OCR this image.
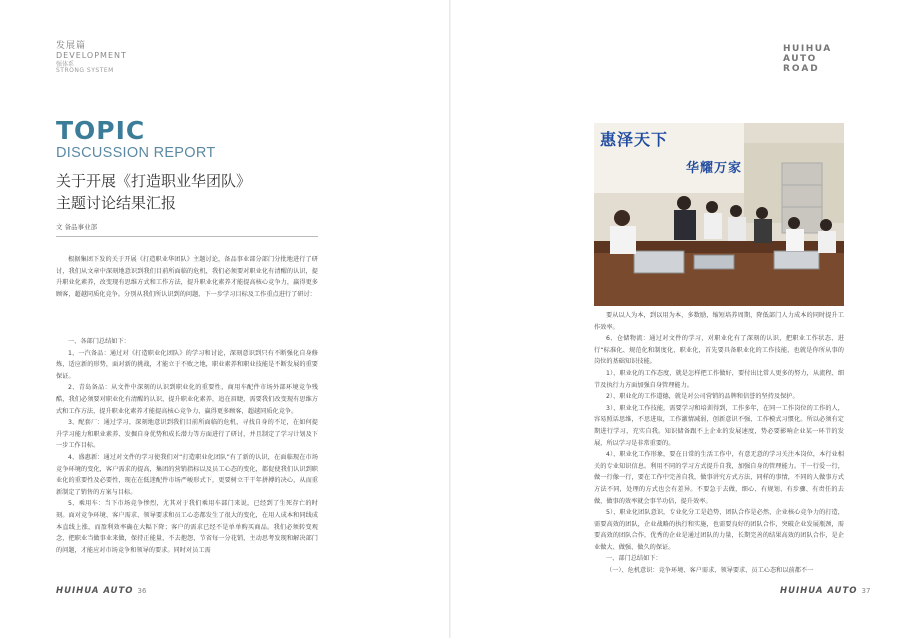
发展篇
DEVELOPMENT
强体系
STRONG SYSTEM
TOPIC
DISCUSSION REPORT
关于开展《打造职业华团队》
主题讨论结果汇报
文 备品事业部

根据集团下发的关于开展《打造职业华团队》主题讨论，备品事业部分部门分批地进行了研讨，我们从文章中深刻地意识到我们目前所面临的危机，我们必须要对职业化有清醒的认识，提升职业化素养，改变现有思维方式和工作方法，提升职业化素养才能提高核心竞争力，赢得更多顾客，超越同质化竞争。分别从我们所认识到的问题、下一步学习目标及工作重点进行了研讨：

一、各部门总结如下：

1、一汽备品：通过对《打造职业化团队》的学习和讨论，深刻意识到只有不断强化自身修炼，适应新的形势，面对新的挑战，才能立于不败之地，职业素养和职业技能是不断发展的重要保证。

2、青岛备品：从文件中深刻的认识到职业化的重要性，商用车配件市场外部环境竞争残酷，我们必须要对职业化有清醒的认识，提升职业化素养，追在眉睫，需要我们改变现有思维方式和工作方法，提升职业化素养才能提高核心竞争力，赢得更多顾客，超越同质化竞争。

3、配套厂：通过学习，深刻地意识到我们目前所面临的危机，寻找自身的不足，在如何提升学习能力和职业素养、发掘自身优势和成长潜力等方面进行了研讨，并且制定了学习计划及下一步工作目标。

4、盛惠新：通过对文件的学习使我们对“打造职业化团队”有了新的认识，在面临现在市场竞争环境的变化，客户需求的提高，集团的营销指标以及员工心态的变化，都促使我们认识到职业化的重要性及必要性，现在在低迷配件市场严峻形式下，更要树立干干年拼搏的决心，从而重新制定了销售的方案与目标。

5、乘用车：当下市场竞争惨烈，尤其对于我们乘用车部门来说，已经到了生死存亡的时刻。面对竞争环境、客户需求、领导要求和员工心态都发生了很大的变化，在用人成本和同线成本直线上涨，而盈利效率确在大幅下降；客户的需求已经不是单单购买商品。我们必须转变观念，把职业当做事业来做，保持正能量，不去抱怨，节省每一分花销，主动思考发现和解决部门的问题，才能应对市场竞争和领导的要求。同时对员工需

HUIHUA AUTO 36
HUIHUA AUTO
ROAD
惠泽天下
华耀万家

要从以人为本，到以用为本，多数励，缩短培养周期，降低部门人力成本的同时提升工作效率。

6、仓储物流：通过对文件的学习，对职业化有了深刻的认识，把职业工作状态、进行“标准化、规范化和制度化，职业化，首先要具备职业化的工作技能，也就是你所从事的岗位的基础知识技能。

1）、职业化的工作态度，就是怎样把工作做好，要付出比常人更多的努力，从流程、细节及执行力方面加强自身管理能力。

2）、职业化的工作道德，就是对公司营销的品牌和信誉的坚持及保护。

3）、职业化工作技能，需要学习和培训得到，工作多年，在同一工作岗位的工作的人，容易照话思维，不思进取，工作激情减弱，创新意识不强，工作模式习惯化。所以必须有定期进行学习，充实自我。知识储备跟不上企业的发展速度，势必要影响企业某一环节的发展，所以学习是非常重要的。

4）、职业化工作形象，要在日常的生活工作中，有意无意的学习关注本岗位，本行业相关的专业知识信息。利用不同的学习方式提升自我，加强自身的管理能力。干一行爱一行，做一行像一行，要在工作中完善自我，做事讲究方式方法，同样的事情，不同的人做事方式方法不同，处理的方式也会有差异。不要急于去做，细心、有规划、有步骤、有责任的去做，做事的效率就会事半功倍，提升效率。

5）、职业化团队意识，专业化分工是趋势，团队合作是必然，企业核心竞争力的打造，需要高效的团队，企业战略的执行和实施，也需要良好的团队合作，突破企业发展瓶颈，需要高效的团队合作，优秀的企业是通过团队的力量，长期完善的结果高效的团队合作，是企业做大、做强、做久的保证。

一、部门总结如下：

（一）、危机意识：竞争环境、客户需求、领导要求、员工心态和以前都不一

HUIHUA AUTO 37
